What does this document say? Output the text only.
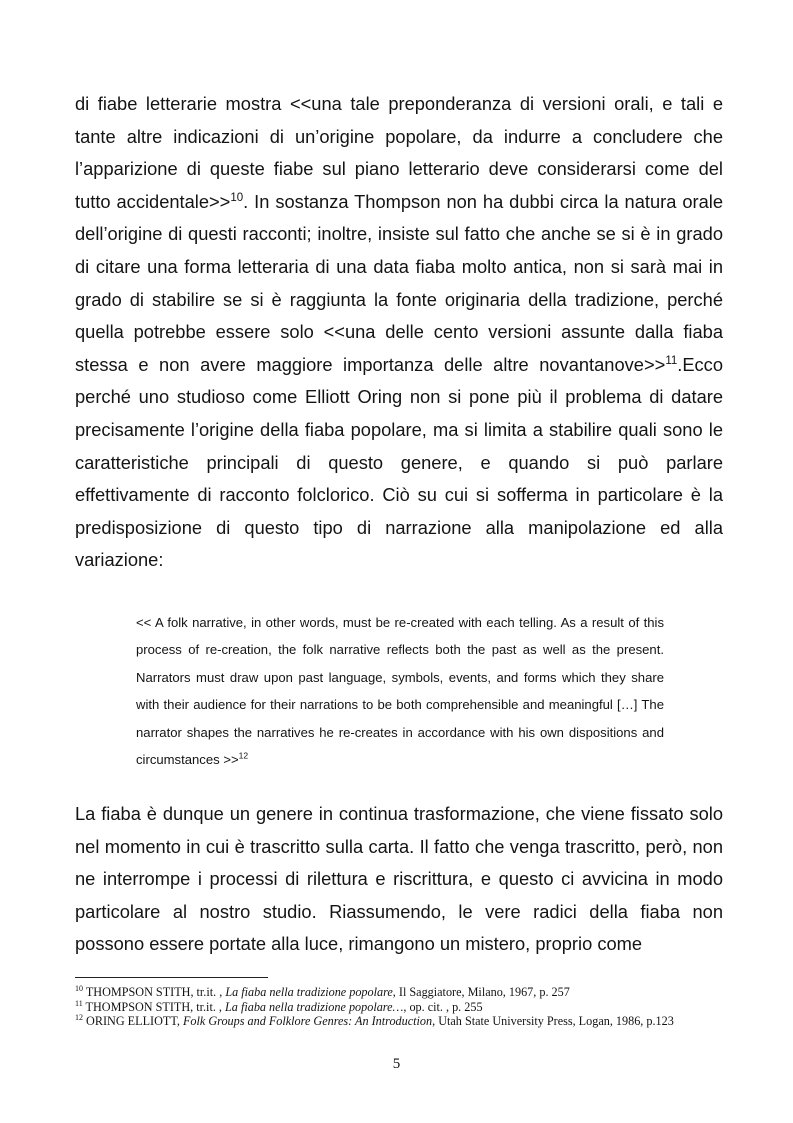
di fiabe letterarie mostra <<una tale preponderanza di versioni orali, e tali e tante altre indicazioni di un’origine popolare, da indurre a concludere che l’apparizione di queste fiabe sul piano letterario deve considerarsi come del tutto accidentale>>$^{10}$. In sostanza Thompson non ha dubbi circa la natura orale dell’origine di questi racconti; inoltre, insiste sul fatto che anche se si è in grado di citare una forma letteraria di una data fiaba molto antica, non si sarà mai in grado di stabilire se si è raggiunta la fonte originaria della tradizione, perché quella potrebbe essere solo <<una delle cento versioni assunte dalla fiaba stessa e non avere maggiore importanza delle altre novantanove>>$^{11}$.Ecco perché uno studioso come Elliott Oring non si pone più il problema di datare precisamente l’origine della fiaba popolare, ma si limita a stabilire quali sono le caratteristiche principali di questo genere, e quando si può parlare effettivamente di racconto folclorico. Ciò su cui si sofferma in particolare è la predisposizione di questo tipo di narrazione alla manipolazione ed alla variazione:
<< A folk narrative, in other words, must be re-created with each telling. As a result of this process of re-creation, the folk narrative reflects both the past as well as the present. Narrators must draw upon past language, symbols, events, and forms which they share with their audience for their narrations to be both comprehensible and meaningful […] The narrator shapes the narratives he re-creates in accordance with his own dispositions and circumstances >>$^{12}$
La fiaba è dunque un genere in continua trasformazione, che viene fissato solo nel momento in cui è trascritto sulla carta. Il fatto che venga trascritto, però, non ne interrompe i processi di rilettura e riscrittura, e questo ci avvicina in modo particolare al nostro studio. Riassumendo, le vere radici della fiaba non possono essere portate alla luce, rimangono un mistero, proprio come
$^{10}$ THOMPSON STITH, tr.it. , La fiaba nella tradizione popolare, Il Saggiatore, Milano, 1967, p. 257
$^{11}$ THOMPSON STITH, tr.it. , La fiaba nella tradizione popolare…, op. cit. , p. 255
$^{12}$ ORING ELLIOTT, Folk Groups and Folklore Genres: An Introduction, Utah State University Press, Logan, 1986, p.123
5
